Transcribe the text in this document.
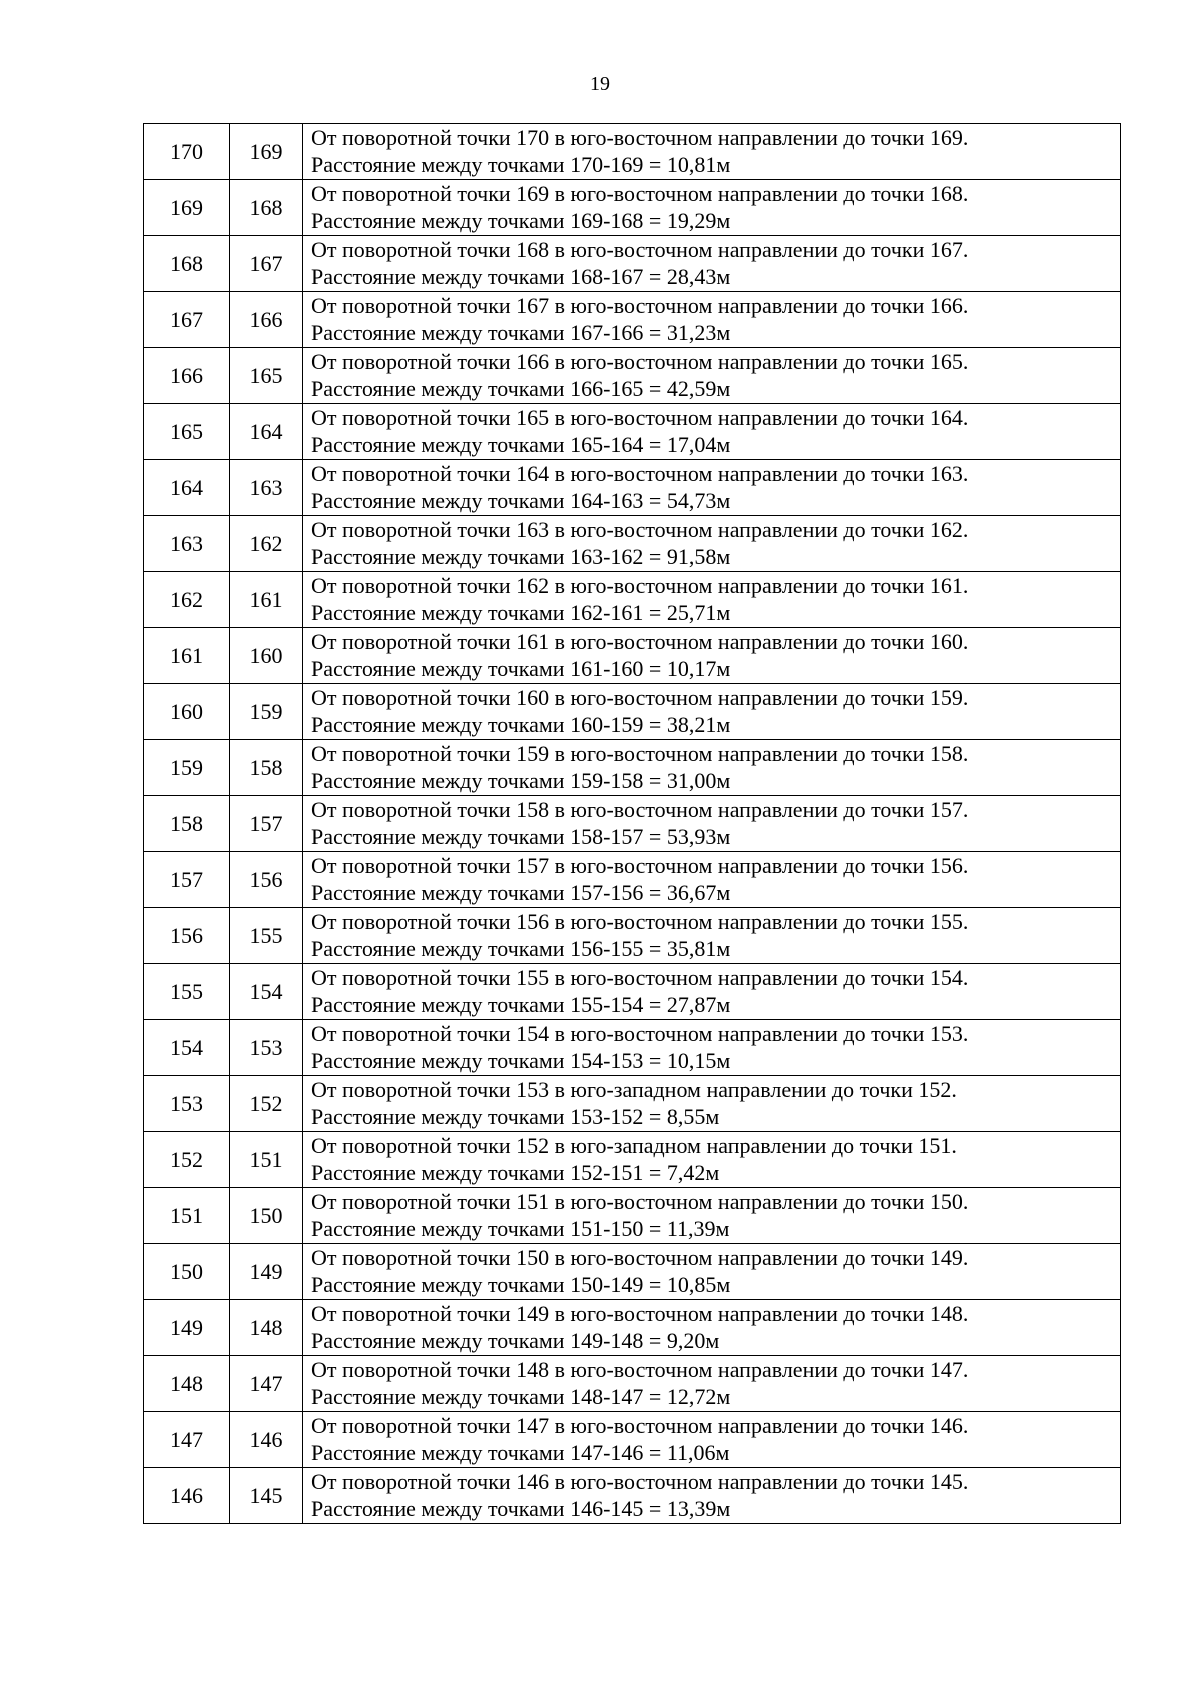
19
170	169	От поворотной точки 170 в юго-восточном направлении до точки 169.
Расстояние между точками 170-169 = 10,81м

169	168	От поворотной точки 169 в юго-восточном направлении до точки 168.
Расстояние между точками 169-168 = 19,29м

168	167	От поворотной точки 168 в юго-восточном направлении до точки 167.
Расстояние между точками 168-167 = 28,43м

167	166	От поворотной точки 167 в юго-восточном направлении до точки 166.
Расстояние между точками 167-166 = 31,23м

166	165	От поворотной точки 166 в юго-восточном направлении до точки 165.
Расстояние между точками 166-165 = 42,59м

165	164	От поворотной точки 165 в юго-восточном направлении до точки 164.
Расстояние между точками 165-164 = 17,04м

164	163	От поворотной точки 164 в юго-восточном направлении до точки 163.
Расстояние между точками 164-163 = 54,73м

163	162	От поворотной точки 163 в юго-восточном направлении до точки 162.
Расстояние между точками 163-162 = 91,58м

162	161	От поворотной точки 162 в юго-восточном направлении до точки 161.
Расстояние между точками 162-161 = 25,71м

161	160	От поворотной точки 161 в юго-восточном направлении до точки 160.
Расстояние между точками 161-160 = 10,17м

160	159	От поворотной точки 160 в юго-восточном направлении до точки 159.
Расстояние между точками 160-159 = 38,21м

159	158	От поворотной точки 159 в юго-восточном направлении до точки 158.
Расстояние между точками 159-158 = 31,00м

158	157	От поворотной точки 158 в юго-восточном направлении до точки 157.
Расстояние между точками 158-157 = 53,93м

157	156	От поворотной точки 157 в юго-восточном направлении до точки 156.
Расстояние между точками 157-156 = 36,67м

156	155	От поворотной точки 156 в юго-восточном направлении до точки 155.
Расстояние между точками 156-155 = 35,81м

155	154	От поворотной точки 155 в юго-восточном направлении до точки 154.
Расстояние между точками 155-154 = 27,87м

154	153	От поворотной точки 154 в юго-восточном направлении до точки 153.
Расстояние между точками 154-153 = 10,15м

153	152	От поворотной точки 153 в юго-западном направлении до точки 152.
Расстояние между точками 153-152 = 8,55м

152	151	От поворотной точки 152 в юго-западном направлении до точки 151.
Расстояние между точками 152-151 = 7,42м

151	150	От поворотной точки 151 в юго-восточном направлении до точки 150.
Расстояние между точками 151-150 = 11,39м

150	149	От поворотной точки 150 в юго-восточном направлении до точки 149.
Расстояние между точками 150-149 = 10,85м

149	148	От поворотной точки 149 в юго-восточном направлении до точки 148.
Расстояние между точками 149-148 = 9,20м

148	147	От поворотной точки 148 в юго-восточном направлении до точки 147.
Расстояние между точками 148-147 = 12,72м

147	146	От поворотной точки 147 в юго-восточном направлении до точки 146.
Расстояние между точками 147-146 = 11,06м

146	145	От поворотной точки 146 в юго-восточном направлении до точки 145.
Расстояние между точками 146-145 = 13,39м
